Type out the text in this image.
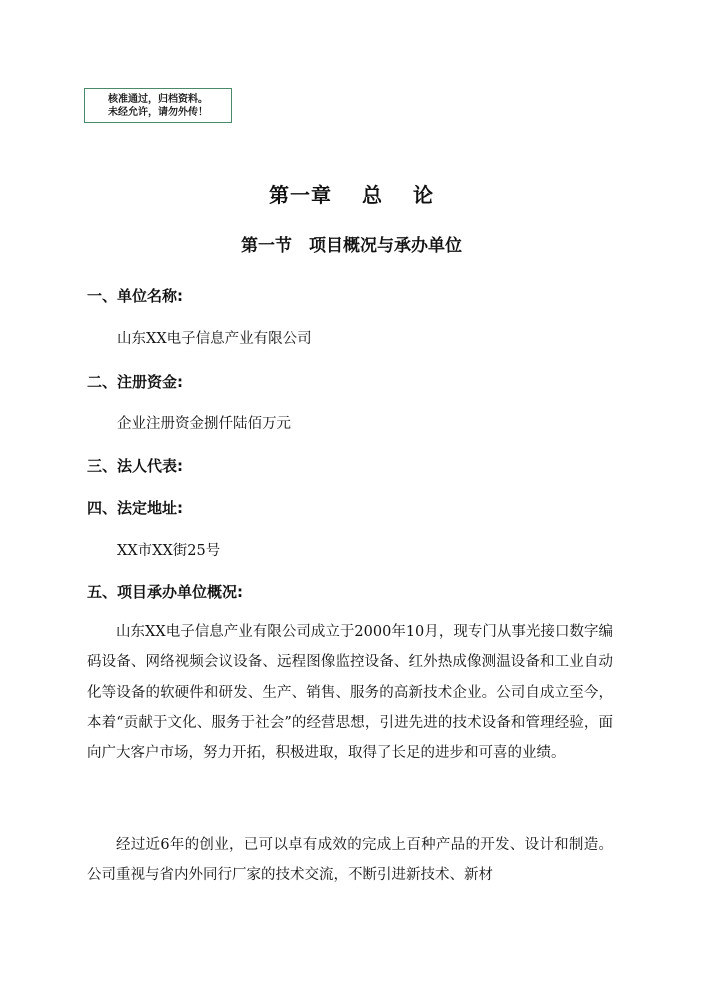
核准通过，归档资料。
未经允许，请勿外传！
第一章 总 论
第一节　项目概况与承办单位
一、单位名称:
山东XX电子信息产业有限公司
二、注册资金:
企业注册资金捌仟陆佰万元
三、法人代表:
四、法定地址:
XX市XX街25号
五、项目承办单位概况:
山东XX电子信息产业有限公司成立于2000年10月，现专门从事光接口数字编码设备、网络视频会议设备、远程图像监控设备、红外热成像测温设备和工业自动化等设备的软硬件和研发、生产、销售、服务的高新技术企业。公司自成立至今，本着“贡献于文化、服务于社会”的经营思想，引进先进的技术设备和管理经验，面向广大客户市场，努力开拓，积极进取，取得了长足的进步和可喜的业绩。
经过近6年的创业，已可以卓有成效的完成上百种产品的开发、设计和制造。公司重视与省内外同行厂家的技术交流，不断引进新技术、新材
